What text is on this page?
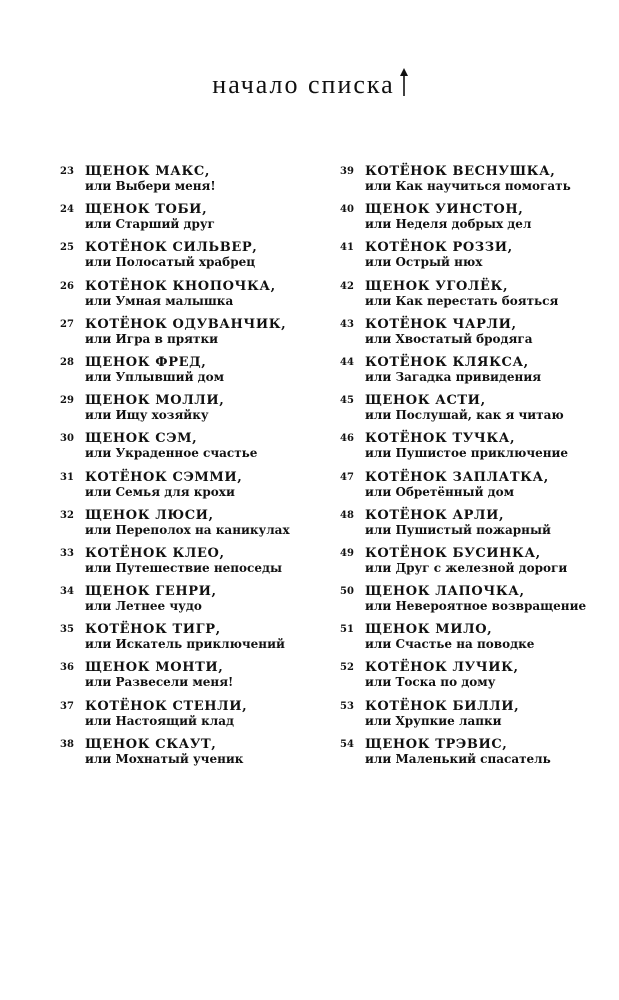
начало списка
23 ЩЕНОК МАКС,
или Выбери меня!
24 ЩЕНОК ТОБИ,
или Старший друг
25 КОТЁНОК СИЛЬВЕР,
или Полосатый храбрец
26 КОТЁНОК КНОПОЧКА,
или Умная малышка
27 КОТЁНОК ОДУВАНЧИК,
или Игра в прятки
28 ЩЕНОК ФРЕД,
или Уплывший дом
29 ЩЕНОК МОЛЛИ,
или Ищу хозяйку
30 ЩЕНОК СЭМ,
или Украденное счастье
31 КОТЁНОК СЭММИ,
или Семья для крохи
32 ЩЕНОК ЛЮСИ,
или Переполох на каникулах
33 КОТЁНОК КЛЕО,
или Путешествие непоседы
34 ЩЕНОК ГЕНРИ,
или Летнее чудо
35 КОТЁНОК ТИГР,
или Искатель приключений
36 ЩЕНОК МОНТИ,
или Развесели меня!
37 КОТЁНОК СТЕНЛИ,
или Настоящий клад
38 ЩЕНОК СКАУТ,
или Мохнатый ученик
39 КОТЁНОК ВЕСНУШКА,
или Как научиться помогать
40 ЩЕНОК УИНСТОН,
или Неделя добрых дел
41 КОТЁНОК РОЗЗИ,
или Острый нюх
42 ЩЕНОК УГОЛЁК,
или Как перестать бояться
43 КОТЁНОК ЧАРЛИ,
или Хвостатый бродяга
44 КОТЁНОК КЛЯКСА,
или Загадка привидения
45 ЩЕНОК АСТИ,
или Послушай, как я читаю
46 КОТЁНОК ТУЧКА,
или Пушистое приключение
47 КОТЁНОК ЗАПЛАТКА,
или Обретённый дом
48 КОТЁНОК АРЛИ,
или Пушистый пожарный
49 КОТЁНОК БУСИНКА,
или Друг с железной дороги
50 ЩЕНОК ЛАПОЧКА,
или Невероятное возвращение
51 ЩЕНОК МИЛО,
или Счастье на поводке
52 КОТЁНОК ЛУЧИК,
или Тоска по дому
53 КОТЁНОК БИЛЛИ,
или Хрупкие лапки
54 ЩЕНОК ТРЭВИС,
или Маленький спасатель
